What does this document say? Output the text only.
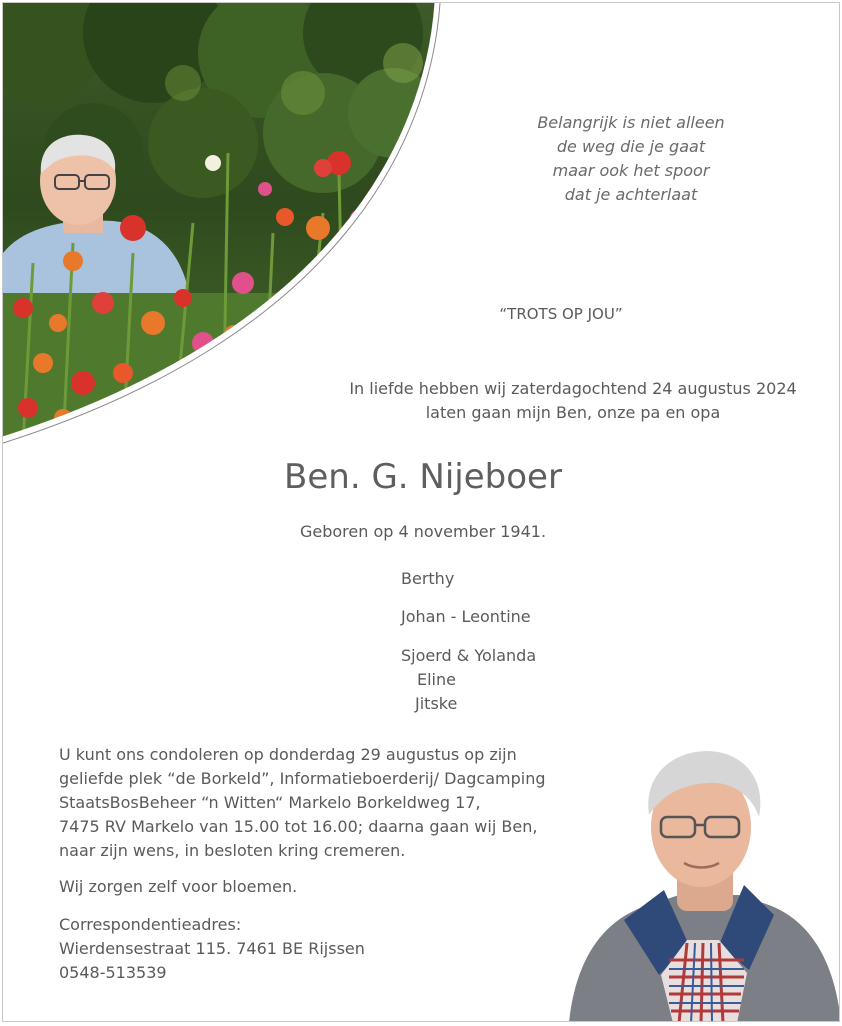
Belangrijk is niet alleen
de weg die je gaat
maar ook het spoor
dat je achterlaat
“TROTS OP JOU”
In liefde hebben wij zaterdagochtend 24 augustus 2024
laten gaan mijn Ben, onze pa en opa
Ben. G. Nijeboer
Geboren op 4 november 1941.
Berthy
Johan - Leontine
Sjoerd & Yolanda
Eline
Jitske
U kunt ons condoleren op donderdag 29 augustus op zijn
geliefde plek “de Borkeld”, Informatieboerderij/ Dagcamping
StaatsBosBeheer “n Witten“ Markelo Borkeldweg 17,
7475 RV Markelo van 15.00 tot 16.00; daarna gaan wij Ben,
naar zijn wens, in besloten kring cremeren.
Wij zorgen zelf voor bloemen.
Correspondentieadres:
Wierdensestraat 115. 7461 BE Rijssen
0548-513539
